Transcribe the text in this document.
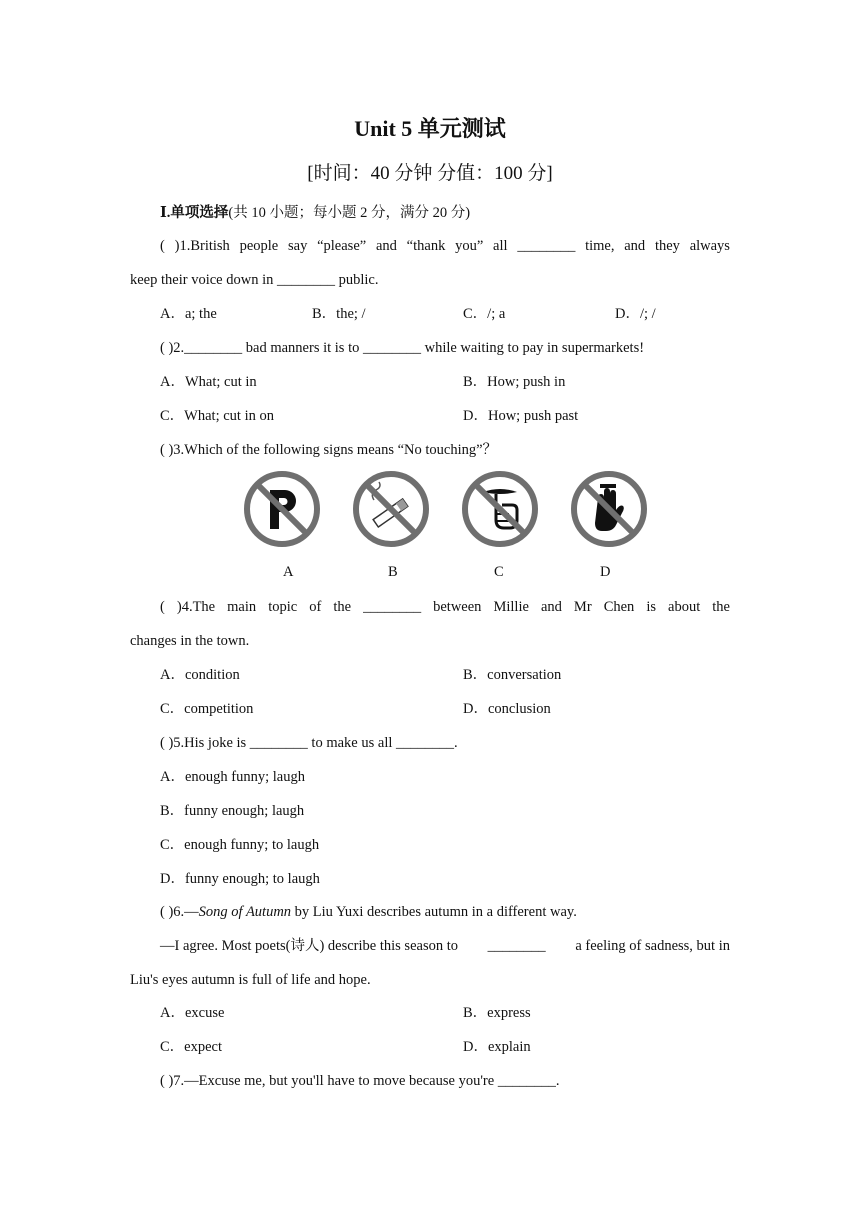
Unit 5 单元测试
[时间：40 分钟 分值：100 分]
Ⅰ.单项选择(共 10 小题；每小题 2 分，满分 20 分)
( )1.British people say “please” and “thank you” all ________ time, and they always
keep their voice down in ________ public.
A．a; the	B．the; /	C．/; a	D．/; /
( )2.________ bad manners it is to ________ while waiting to pay in supermarkets!
A．What; cut in	B．How; push in
C．What; cut in on	D．How; push past
( )3.Which of the following signs means “No touching”？
A	B	C	D
( )4.The main topic of the ________ between Millie and Mr Chen is about the
changes in the town.
A．condition	B．conversation
C．competition	D．conclusion
( )5.His joke is ________ to make us all ________.
A．enough funny; laugh
B．funny enough; laugh
C．enough funny; to laugh
D．funny enough; to laugh
( )6.—Song of Autumn by Liu Yuxi describes autumn in a different way.
—I agree. Most poets(诗人) describe this season to ________ a feeling of sadness, but in
Liu's eyes autumn is full of life and hope.
A．excuse	B．express
C．expect	D．explain
( )7.—Excuse me, but you'll have to move because you're ________.
